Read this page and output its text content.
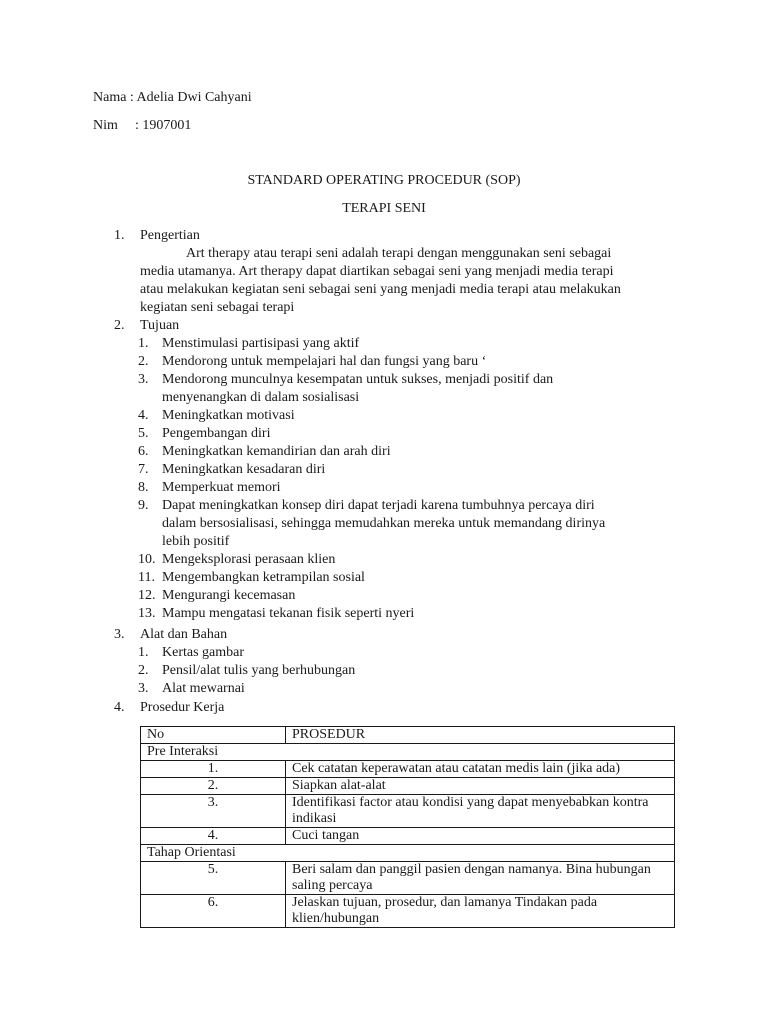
Nama : Adelia Dwi Cahyani
Nim : 1907001
STANDARD OPERATING PROCEDUR (SOP)
TERAPI SENI
1.	Pengertian
Art therapy atau terapi seni adalah terapi dengan menggunakan seni sebagai
media utamanya. Art therapy dapat diartikan sebagai seni yang menjadi media terapi
atau melakukan kegiatan seni sebagai seni yang menjadi media terapi atau melakukan
kegiatan seni sebagai terapi
2.	Tujuan
1. Menstimulasi partisipasi yang aktif
2. Mendorong untuk mempelajari hal dan fungsi yang baru ‘
3. Mendorong munculnya kesempatan untuk sukses, menjadi positif dan
menyenangkan di dalam sosialisasi
4. Meningkatkan motivasi
5. Pengembangan diri
6. Meningkatkan kemandirian dan arah diri
7. Meningkatkan kesadaran diri
8. Memperkuat memori
9. Dapat meningkatkan konsep diri dapat terjadi karena tumbuhnya percaya diri
dalam bersosialisasi, sehingga memudahkan mereka untuk memandang dirinya
lebih positif
10. Mengeksplorasi perasaan klien
11. Mengembangkan ketrampilan sosial
12. Mengurangi kecemasan
13. Mampu mengatasi tekanan fisik seperti nyeri
3.	Alat dan Bahan
1. Kertas gambar
2. Pensil/alat tulis yang berhubungan
3. Alat mewarnai
4.	Prosedur Kerja
No	PROSEDUR
Pre Interaksi	
1.	Cek catatan keperawatan atau catatan medis lain (jika ada)
2.	Siapkan alat-alat
3.	Identifikasi factor atau kondisi yang dapat menyebabkan kontra indikasi
4.	Cuci tangan
Tahap Orientasi	
5.	Beri salam dan panggil pasien dengan namanya. Bina hubungan saling percaya
6.	Jelaskan tujuan, prosedur, dan lamanya Tindakan pada klien/hubungan
